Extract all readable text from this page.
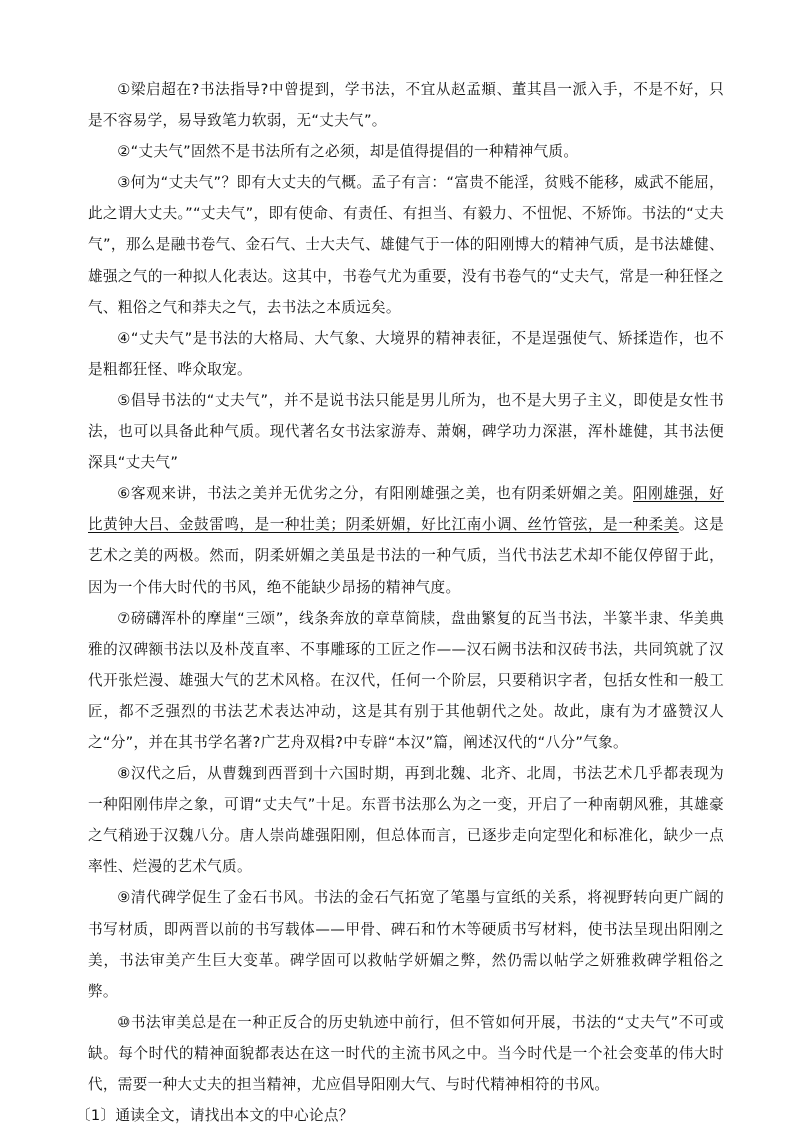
①梁启超在?书法指导?中曾提到，学书法，不宜从赵孟頫、董其昌一派入手，不是不好，只是不容易学，易导致笔力软弱，无“丈夫气”。

②“丈夫气”固然不是书法所有之必须，却是值得提倡的一种精神气质。

③何为“丈夫气”？即有大丈夫的气概。孟子有言：“富贵不能淫，贫贱不能移，威武不能屈，此之谓大丈夫。”“丈夫气”，即有使命、有责任、有担当、有毅力、不忸怩、不矫饰。书法的“丈夫气”，那么是融书卷气、金石气、士大夫气、雄健气于一体的阳刚博大的精神气质，是书法雄健、雄强之气的一种拟人化表达。这其中，书卷气尤为重要，没有书卷气的“丈夫气，常是一种狂怪之气、粗俗之气和莽夫之气，去书法之本质远矣。

④“丈夫气”是书法的大格局、大气象、大境界的精神表征，不是逞强使气、矫揉造作，也不是粗都狂怪、哗众取宠。

⑤倡导书法的“丈夫气”，并不是说书法只能是男儿所为，也不是大男子主义，即使是女性书法，也可以具备此种气质。现代著名女书法家游寿、萧娴，碑学功力深湛，浑朴雄健，其书法便深具“丈夫气”

⑥客观来讲，书法之美并无优劣之分，有阳刚雄强之美，也有阴柔妍媚之美。阳刚雄强，好比黄钟大吕、金鼓雷鸣，是一种壮美；阴柔妍媚，好比江南小调、丝竹管弦，是一种柔美。这是艺术之美的两极。然而，阴柔妍媚之美虽是书法的一种气质，当代书法艺术却不能仅停留于此，因为一个伟大时代的书风，绝不能缺少昂扬的精神气度。

⑦磅礴浑朴的摩崖“三颂”，线条奔放的章草简牍，盘曲繁复的瓦当书法，半篆半隶、华美典雅的汉碑额书法以及朴茂直率、不事雕琢的工匠之作——汉石阙书法和汉砖书法，共同筑就了汉代开张烂漫、雄强大气的艺术风格。在汉代，任何一个阶层，只要稍识字者，包括女性和一般工匠，都不乏强烈的书法艺术表达冲动，这是其有别于其他朝代之处。故此，康有为才盛赞汉人之“分”，并在其书学名著?广艺舟双楫?中专辟“本汉”篇，阐述汉代的“八分”气象。

⑧汉代之后，从曹魏到西晋到十六国时期，再到北魏、北齐、北周，书法艺术几乎都表现为一种阳刚伟岸之象，可谓“丈夫气”十足。东晋书法那么为之一变，开启了一种南朝风雅，其雄豪之气稍逊于汉魏八分。唐人崇尚雄强阳刚，但总体而言，已逐步走向定型化和标准化，缺少一点率性、烂漫的艺术气质。

⑨清代碑学促生了金石书风。书法的金石气拓宽了笔墨与宣纸的关系，将视野转向更广阔的书写材质，即两晋以前的书写载体——甲骨、碑石和竹木等硬质书写材料，使书法呈现出阳刚之美，书法审美产生巨大变革。碑学固可以救帖学妍媚之弊，然仍需以帖学之妍雅救碑学粗俗之弊。

⑩书法审美总是在一种正反合的历史轨迹中前行，但不管如何开展，书法的“丈夫气”不可或缺。每个时代的精神面貌都表达在这一时代的主流书风之中。当今时代是一个社会变革的伟大时代，需要一种大丈夫的担当精神，尤应倡导阳刚大气、与时代精神相符的书风。

〔1〕通读全文，请找出本文的中心论点？
